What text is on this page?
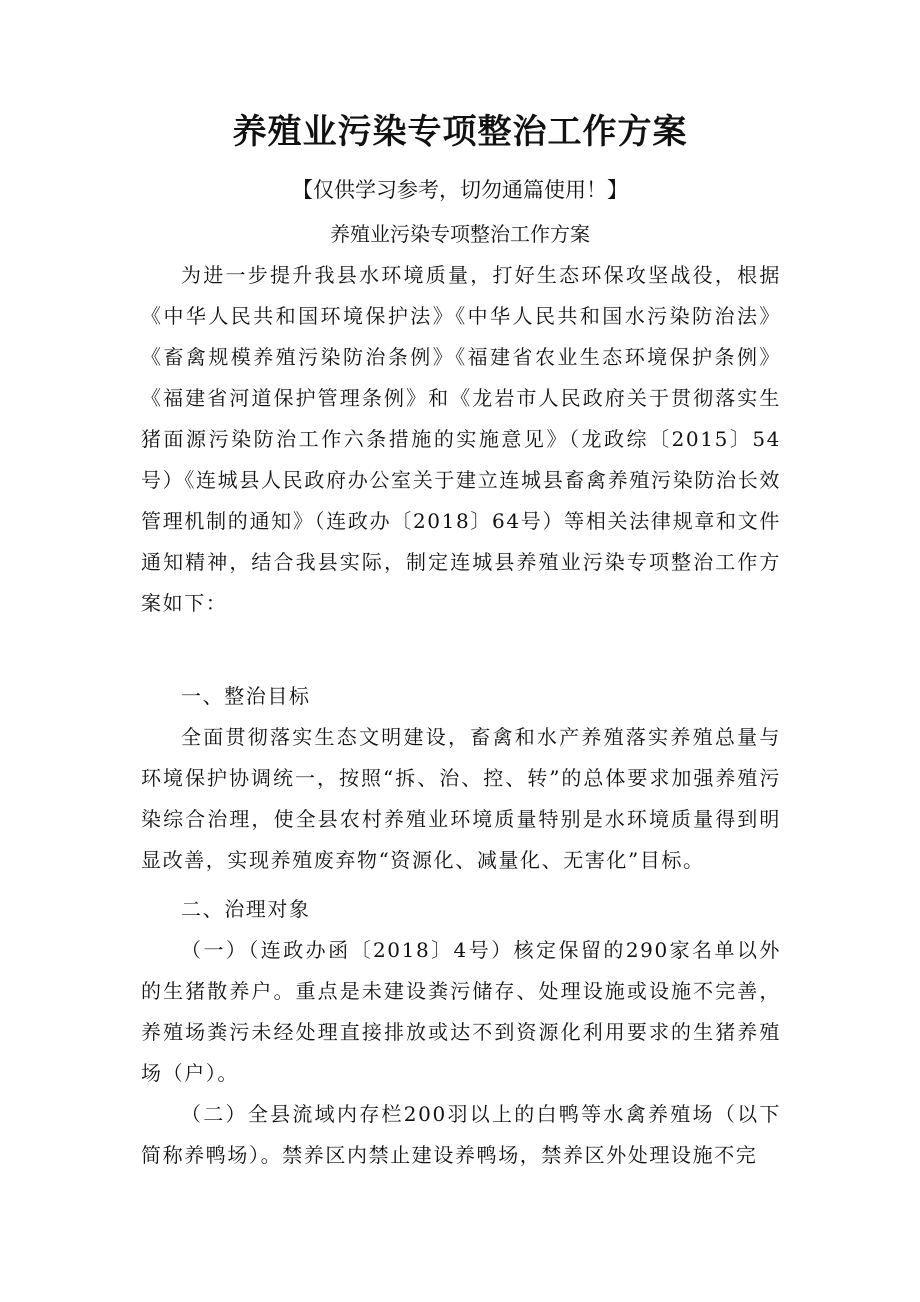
养殖业污染专项整治工作方案
【仅供学习参考，切勿通篇使用！】
养殖业污染专项整治工作方案

为进一步提升我县水环境质量，打好生态环保攻坚战役，根据《中华人民共和国环境保护法》《中华人民共和国水污染防治法》《畜禽规模养殖污染防治条例》《福建省农业生态环境保护条例》《福建省河道保护管理条例》和《龙岩市人民政府关于贯彻落实生猪面源污染防治工作六条措施的实施意见》（龙政综〔2015〕54号）《连城县人民政府办公室关于建立连城县畜禽养殖污染防治长效管理机制的通知》（连政办〔2018〕64号）等相关法律规章和文件通知精神，结合我县实际，制定连城县养殖业污染专项整治工作方案如下：

一、整治目标

全面贯彻落实生态文明建设，畜禽和水产养殖落实养殖总量与环境保护协调统一，按照“拆、治、控、转”的总体要求加强养殖污染综合治理，使全县农村养殖业环境质量特别是水环境质量得到明显改善，实现养殖废弃物“资源化、减量化、无害化”目标。

二、治理对象

（一）（连政办函〔2018〕4号）核定保留的290家名单以外的生猪散养户。重点是未建设粪污储存、处理设施或设施不完善，养殖场粪污未经处理直接排放或达不到资源化利用要求的生猪养殖场（户）。

（二）全县流域内存栏200羽以上的白鸭等水禽养殖场（以下简称养鸭场）。禁养区内禁止建设养鸭场，禁养区外处理设施不完
